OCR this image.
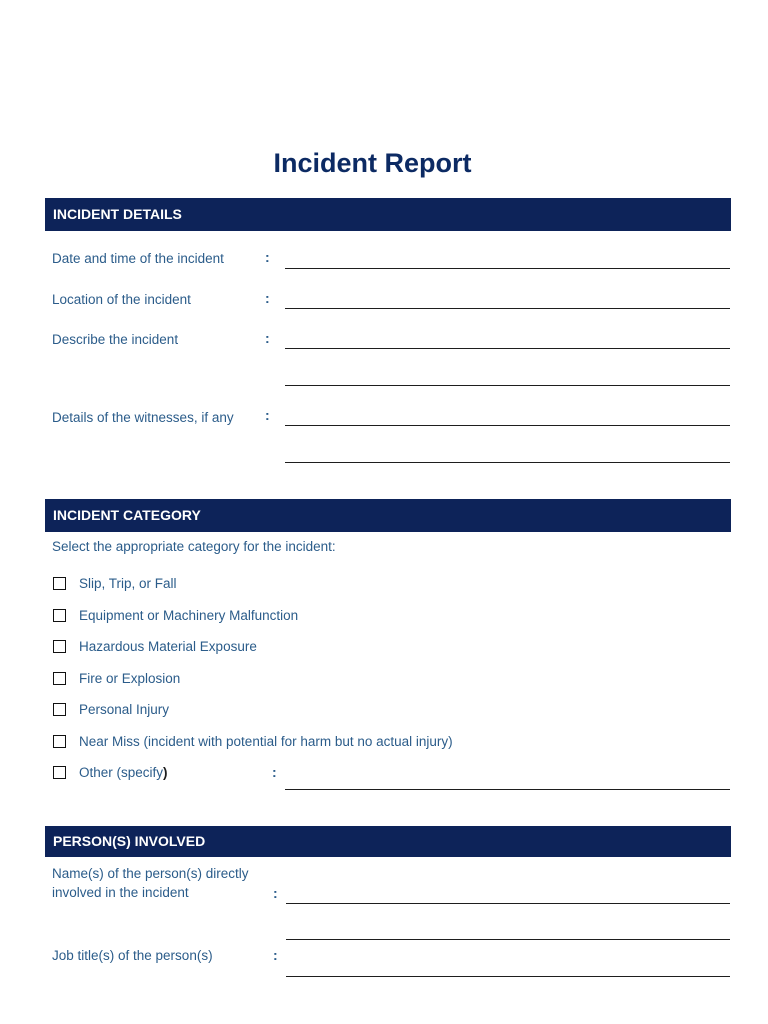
Incident Report
INCIDENT DETAILS
Date and time of the incident	:
Location of the incident	:
Describe the incident	:
Details of the witnesses, if any :
INCIDENT CATEGORY
Select the appropriate category for the incident:
Slip, Trip, or Fall
Equipment or Machinery Malfunction
Hazardous Material Exposure
Fire or Explosion
Personal Injury
Near Miss (incident with potential for harm but no actual injury)
Other (specify)	:
PERSON(S) INVOLVED
Name(s) of the person(s) directly
involved in the incident	:
Job title(s) of the person(s)	:
